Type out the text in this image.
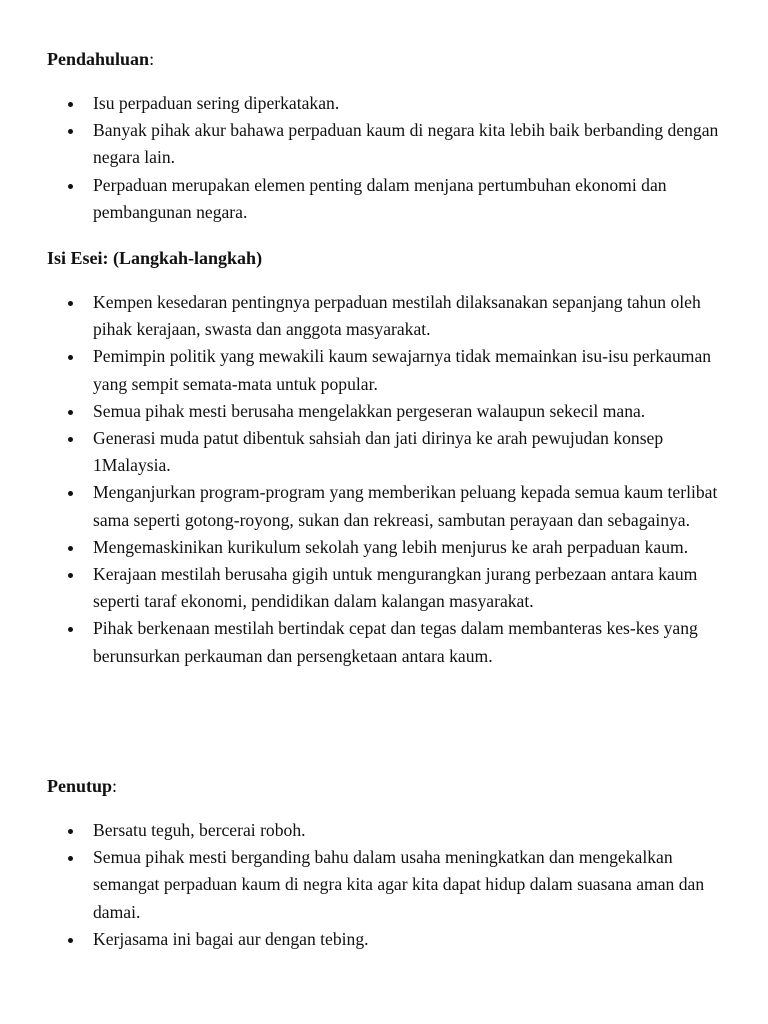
Pendahuluan:
Isu perpaduan sering diperkatakan.
Banyak pihak akur bahawa perpaduan kaum di negara kita lebih baik berbanding dengan negara lain.
Perpaduan merupakan elemen penting dalam menjana pertumbuhan ekonomi dan pembangunan negara.
Isi Esei: (Langkah-langkah)
Kempen kesedaran pentingnya perpaduan mestilah dilaksanakan sepanjang tahun oleh pihak kerajaan, swasta dan anggota masyarakat.
Pemimpin politik yang mewakili kaum sewajarnya tidak memainkan isu-isu perkauman yang sempit semata-mata untuk popular.
Semua pihak mesti berusaha mengelakkan pergeseran walaupun sekecil mana.
Generasi muda patut dibentuk sahsiah dan jati dirinya ke arah pewujudan konsep 1Malaysia.
Menganjurkan program-program yang memberikan peluang kepada semua kaum terlibat sama seperti gotong-royong, sukan dan rekreasi, sambutan perayaan dan sebagainya.
Mengemaskinikan kurikulum sekolah yang lebih menjurus ke arah perpaduan kaum.
Kerajaan mestilah berusaha gigih untuk mengurangkan jurang perbezaan antara kaum seperti taraf ekonomi, pendidikan dalam kalangan masyarakat.
Pihak berkenaan mestilah bertindak cepat dan tegas dalam membanteras kes-kes yang berunsurkan perkauman dan persengketaan antara kaum.
Penutup:
Bersatu teguh, bercerai roboh.
Semua pihak mesti berganding bahu dalam usaha meningkatkan dan mengekalkan semangat perpaduan kaum di negra kita agar kita dapat hidup dalam suasana aman dan damai.
Kerjasama ini bagai aur dengan tebing.
